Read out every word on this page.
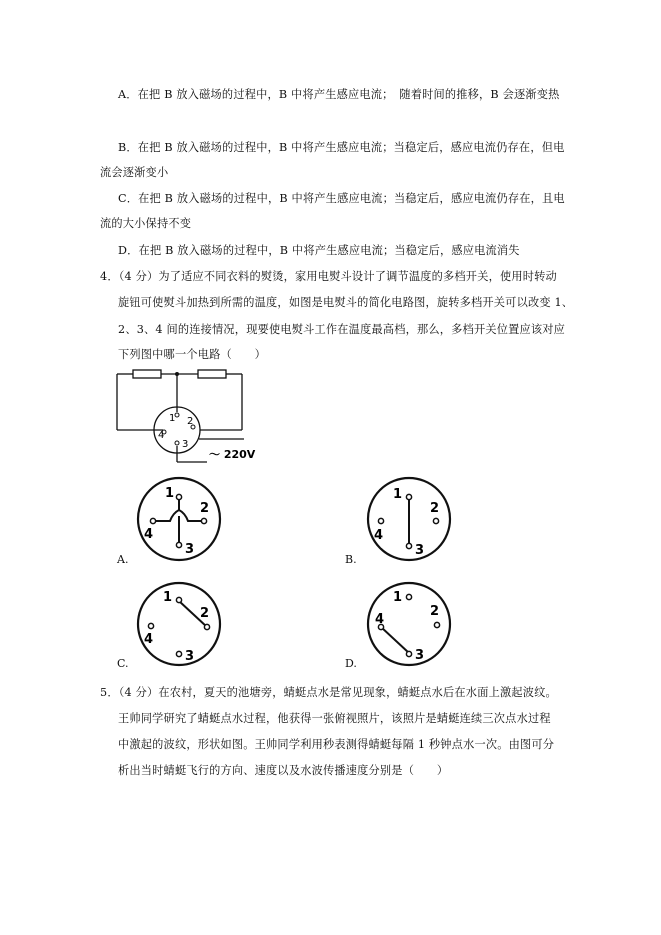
A．在把 B 放入磁场的过程中，B 中将产生感应电流；　随着时间的推移，B 会逐渐变热
B．在把 B 放入磁场的过程中，B 中将产生感应电流；当稳定后，感应电流仍存在，但电
流会逐渐变小
C．在把 B 放入磁场的过程中，B 中将产生感应电流；当稳定后，感应电流仍存在，且电
流的大小保持不变
D．在把 B 放入磁场的过程中，B 中将产生感应电流；当稳定后，感应电流消失
4．（4 分）为了适应不同衣料的熨烫，家用电熨斗设计了调节温度的多档开关，使用时转动
旋钮可使熨斗加热到所需的温度，如图是电熨斗的简化电路图，旋转多档开关可以改变 1、
2、3、4 间的连接情况，现要使电熨斗工作在温度最高档，那么，多档开关位置应该对应
下列图中哪一个电路（　　）
1 2
3
4
～ 220V
1
2
3
4
A.
1
2
3
4
B.
1
2
3
4
C.
1
2
3
4
D.
5．（4 分）在农村，夏天的池塘旁，蜻蜓点水是常见现象，蜻蜓点水后在水面上激起波纹。
王帅同学研究了蜻蜓点水过程，他获得一张俯视照片，该照片是蜻蜓连续三次点水过程
中激起的波纹，形状如图。王帅同学利用秒表测得蜻蜓每隔 1 秒钟点水一次。由图可分
析出当时蜻蜓飞行的方向、速度以及水波传播速度分别是（　　）
